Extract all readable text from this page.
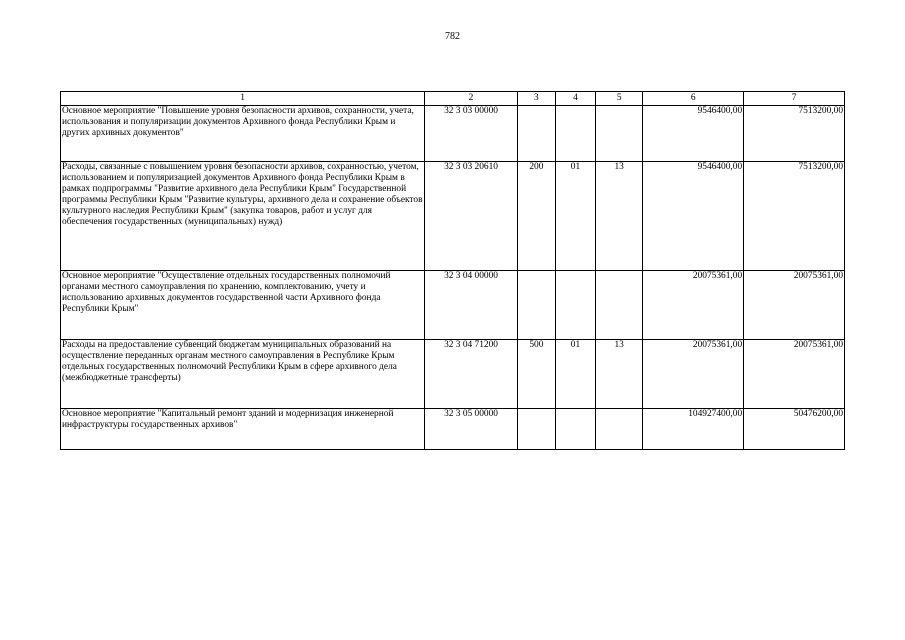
782
1	2	3	4	5	6	7
Основное мероприятие "Повышение уровня безопасности архивов, сохранности, учета, использования и популяризации документов Архивного фонда Республики Крым и других архивных документов"	32 3 03 00000				9546400,00	7513200,00
Расходы, связанные с повышением уровня безопасности архивов, сохранностью, учетом, использованием и популяризацией документов Архивного фонда Республики Крым в рамках подпрограммы "Развитие архивного дела Республики Крым" Государственной программы Республики Крым "Развитие культуры, архивного дела и сохранение объектов культурного наследия Республики Крым" (закупка товаров, работ и услуг для обеспечения государственных (муниципальных) нужд)	32 3 03 20610	200	01	13	9546400,00	7513200,00
Основное мероприятие "Осуществление отдельных государственных полномочий органами местного самоуправления по хранению, комплектованию, учету и использованию архивных документов государственной части Архивного фонда Республики Крым"	32 3 04 00000				20075361,00	20075361,00
Расходы на предоставление субвенций бюджетам муниципальных образований на осуществление переданных органам местного самоуправления в Республике Крым отдельных государственных полномочий Республики Крым в сфере архивного дела (межбюджетные трансферты)	32 3 04 71200	500	01	13	20075361,00	20075361,00
Основное мероприятие "Капитальный ремонт зданий и модернизация инженерной инфраструктуры государственных архивов"	32 3 05 00000				104927400,00	50476200,00
